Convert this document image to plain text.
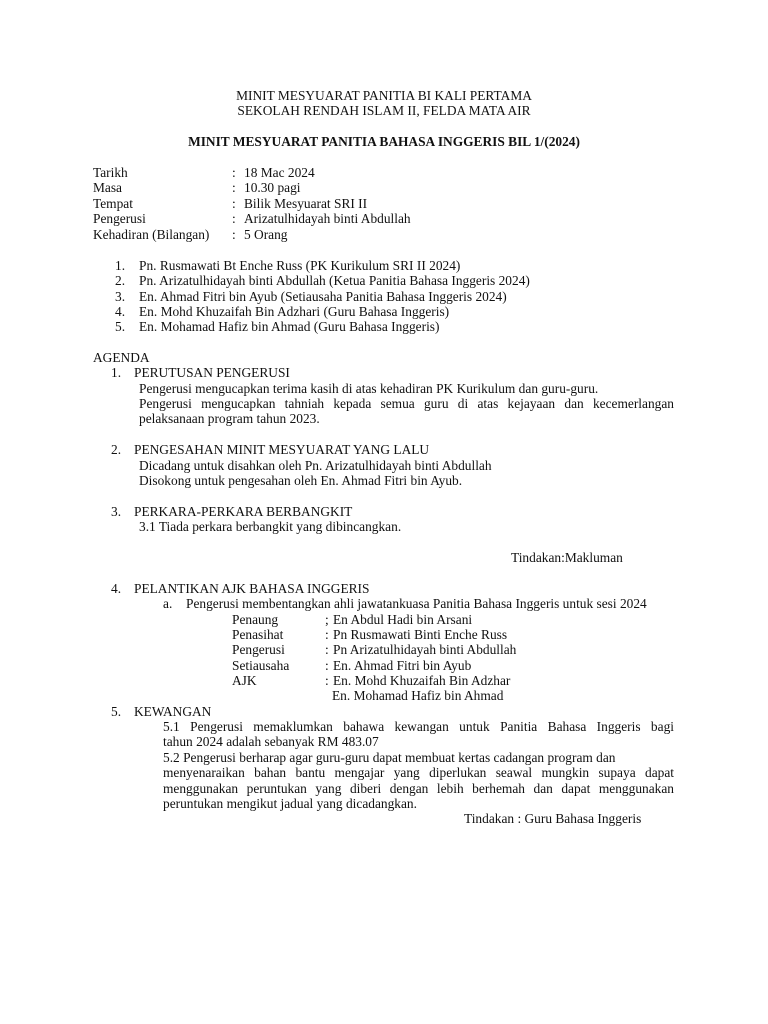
MINIT MESYUARAT PANITIA BI KALI PERTAMA
SEKOLAH RENDAH ISLAM II, FELDA MATA AIR
MINIT MESYUARAT PANITIA BAHASA INGGERIS BIL 1/(2024)
Tarikh	: 18 Mac 2024
Masa	: 10.30 pagi
Tempat	: Bilik Mesyuarat SRI II
Pengerusi	: Arizatulhidayah binti Abdullah
Kehadiran (Bilangan) : 5 Orang
1. Pn. Rusmawati Bt Enche Russ (PK Kurikulum SRI II 2024)
2. Pn. Arizatulhidayah binti Abdullah (Ketua Panitia Bahasa Inggeris 2024)
3. En. Ahmad Fitri bin Ayub (Setiausaha Panitia Bahasa Inggeris 2024)
4. En. Mohd Khuzaifah Bin Adzhari (Guru Bahasa Inggeris)
5. En. Mohamad Hafiz bin Ahmad (Guru Bahasa Inggeris)
AGENDA
1. PERUTUSAN PENGERUSI
Pengerusi mengucapkan terima kasih di atas kehadiran PK Kurikulum dan guru-guru.
Pengerusi mengucapkan tahniah kepada semua guru di atas kejayaan dan kecemerlangan
pelaksanaan program tahun 2023.
2. PENGESAHAN MINIT MESYUARAT YANG LALU
Dicadang untuk disahkan oleh Pn. Arizatulhidayah binti Abdullah
Disokong untuk pengesahan oleh En. Ahmad Fitri bin Ayub.
3. PERKARA-PERKARA BERBANGKIT
3.1 Tiada perkara berbangkit yang dibincangkan.
Tindakan:Makluman
4. PELANTIKAN AJK BAHASA INGGERIS
a. Pengerusi membentangkan ahli jawatankuasa Panitia Bahasa Inggeris untuk sesi 2024
Penaung	; En Abdul Hadi bin Arsani
Penasihat	: Pn Rusmawati Binti Enche Russ
Pengerusi	: Pn Arizatulhidayah binti Abdullah
Setiausaha	: En. Ahmad Fitri bin Ayub
AJK	: En. Mohd Khuzaifah Bin Adzhar
En. Mohamad Hafiz bin Ahmad
5. KEWANGAN
5.1 Pengerusi memaklumkan bahawa kewangan untuk Panitia Bahasa Inggeris bagi
tahun 2024 adalah sebanyak RM 483.07
5.2 Pengerusi berharap agar guru-guru dapat membuat kertas cadangan program dan
menyenaraikan bahan bantu mengajar yang diperlukan seawal mungkin supaya dapat
menggunakan peruntukan yang diberi dengan lebih berhemah dan dapat menggunakan
peruntukan mengikut jadual yang dicadangkan.
Tindakan : Guru Bahasa Inggeris
